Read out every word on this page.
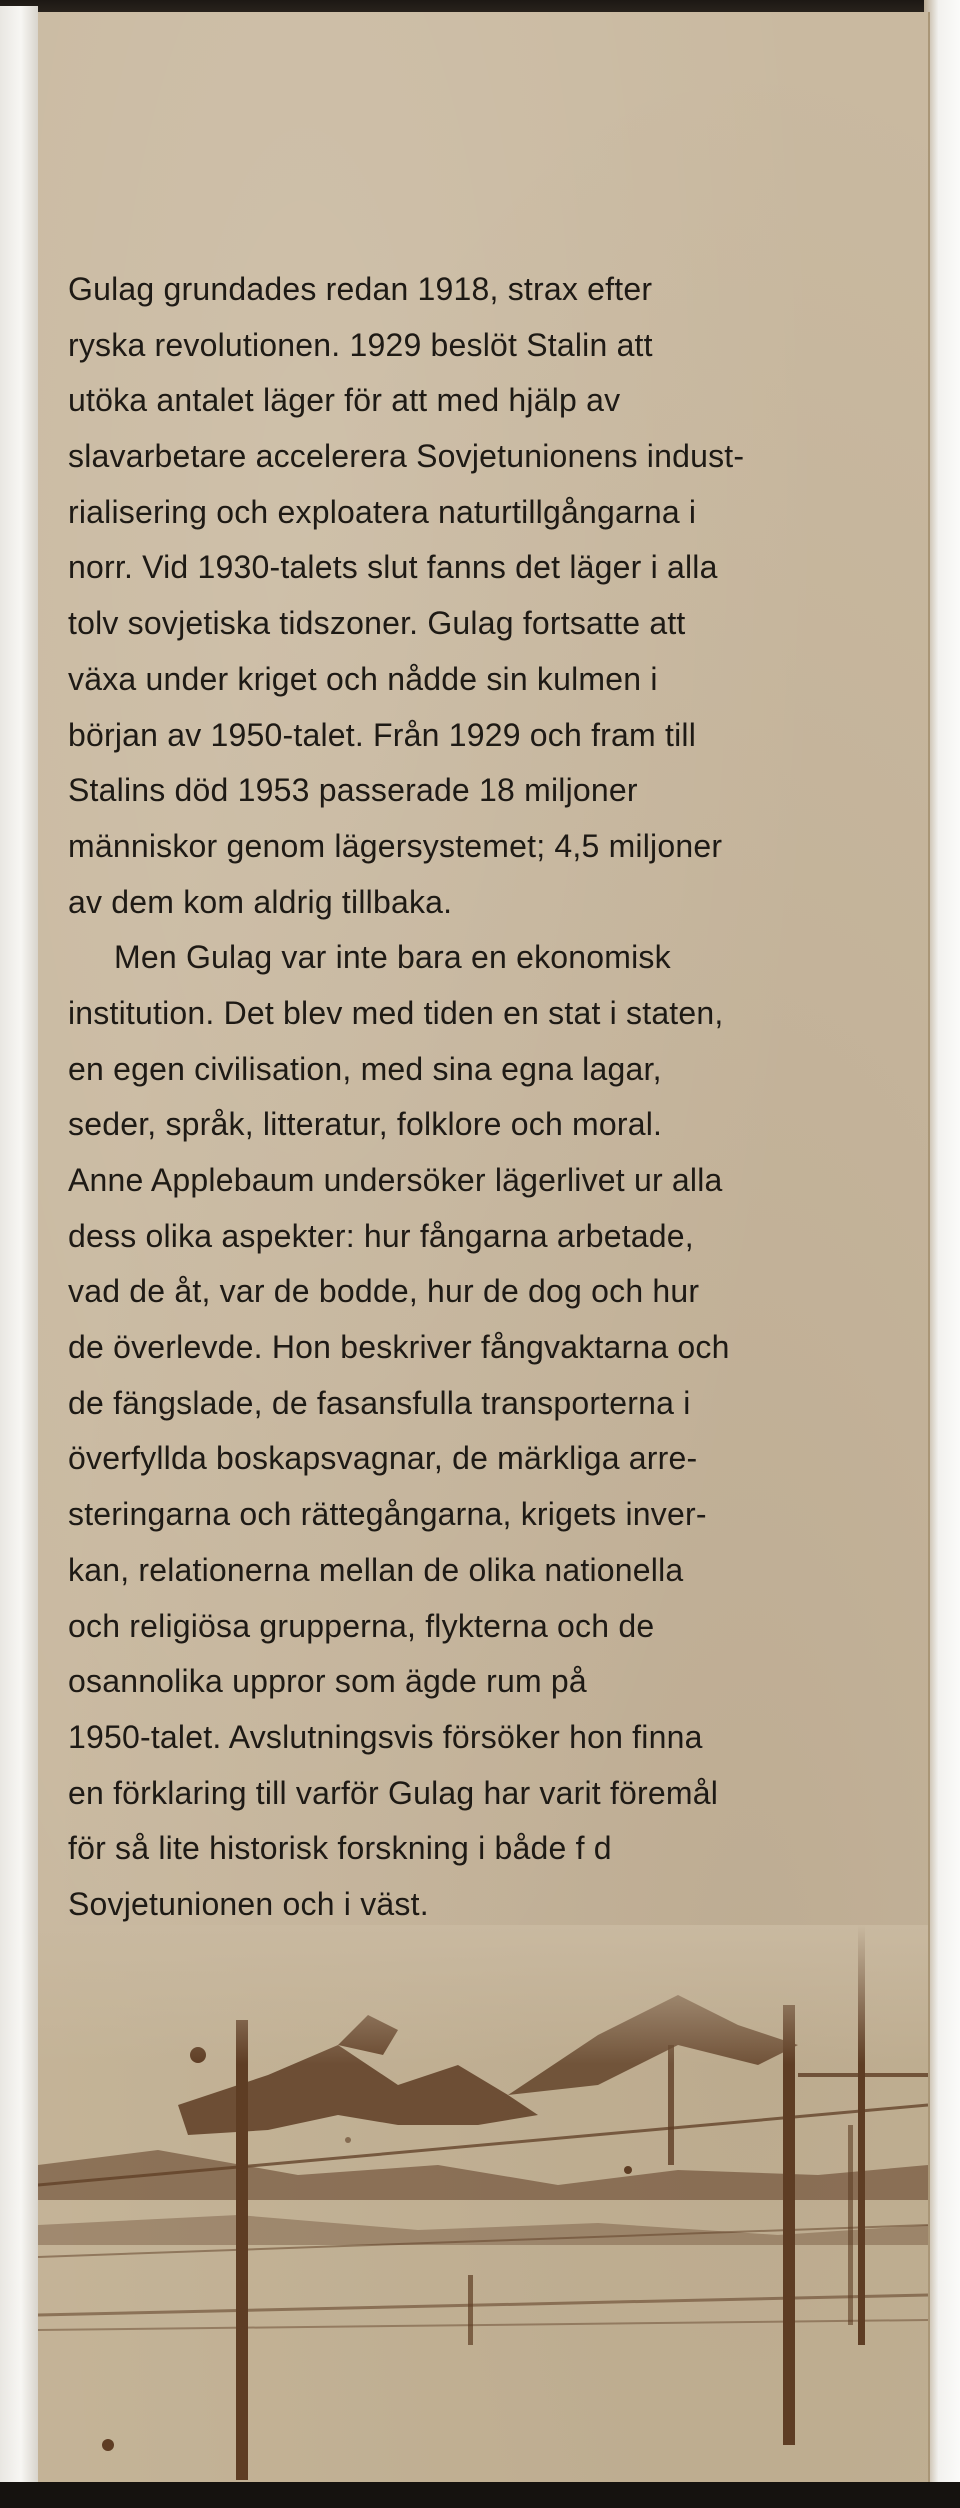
Gulag grundades redan 1918, strax efter
ryska revolutionen. 1929 beslöt Stalin att
utöka antalet läger för att med hjälp av
slavarbetare accelerera Sovjetunionens indust-
rialisering och exploatera naturtillgångarna i
norr. Vid 1930-talets slut fanns det läger i alla
tolv sovjetiska tidszoner. Gulag fortsatte att
växa under kriget och nådde sin kulmen i
början av 1950-talet. Från 1929 och fram till
Stalins död 1953 passerade 18 miljoner
människor genom lägersystemet; 4,5 miljoner
av dem kom aldrig tillbaka.
Men Gulag var inte bara en ekonomisk
institution. Det blev med tiden en stat i staten,
en egen civilisation, med sina egna lagar,
seder, språk, litteratur, folklore och moral.
Anne Applebaum undersöker lägerlivet ur alla
dess olika aspekter: hur fångarna arbetade,
vad de åt, var de bodde, hur de dog och hur
de överlevde. Hon beskriver fångvaktarna och
de fängslade, de fasansfulla transporterna i
överfyllda boskapsvagnar, de märkliga arre-
steringarna och rättegångarna, krigets inver-
kan, relationerna mellan de olika nationella
och religiösa grupperna, flykterna och de
osannolika uppror som ägde rum på
1950-talet. Avslutningsvis försöker hon finna
en förklaring till varför Gulag har varit föremål
för så lite historisk forskning i både f d
Sovjetunionen och i väst.
